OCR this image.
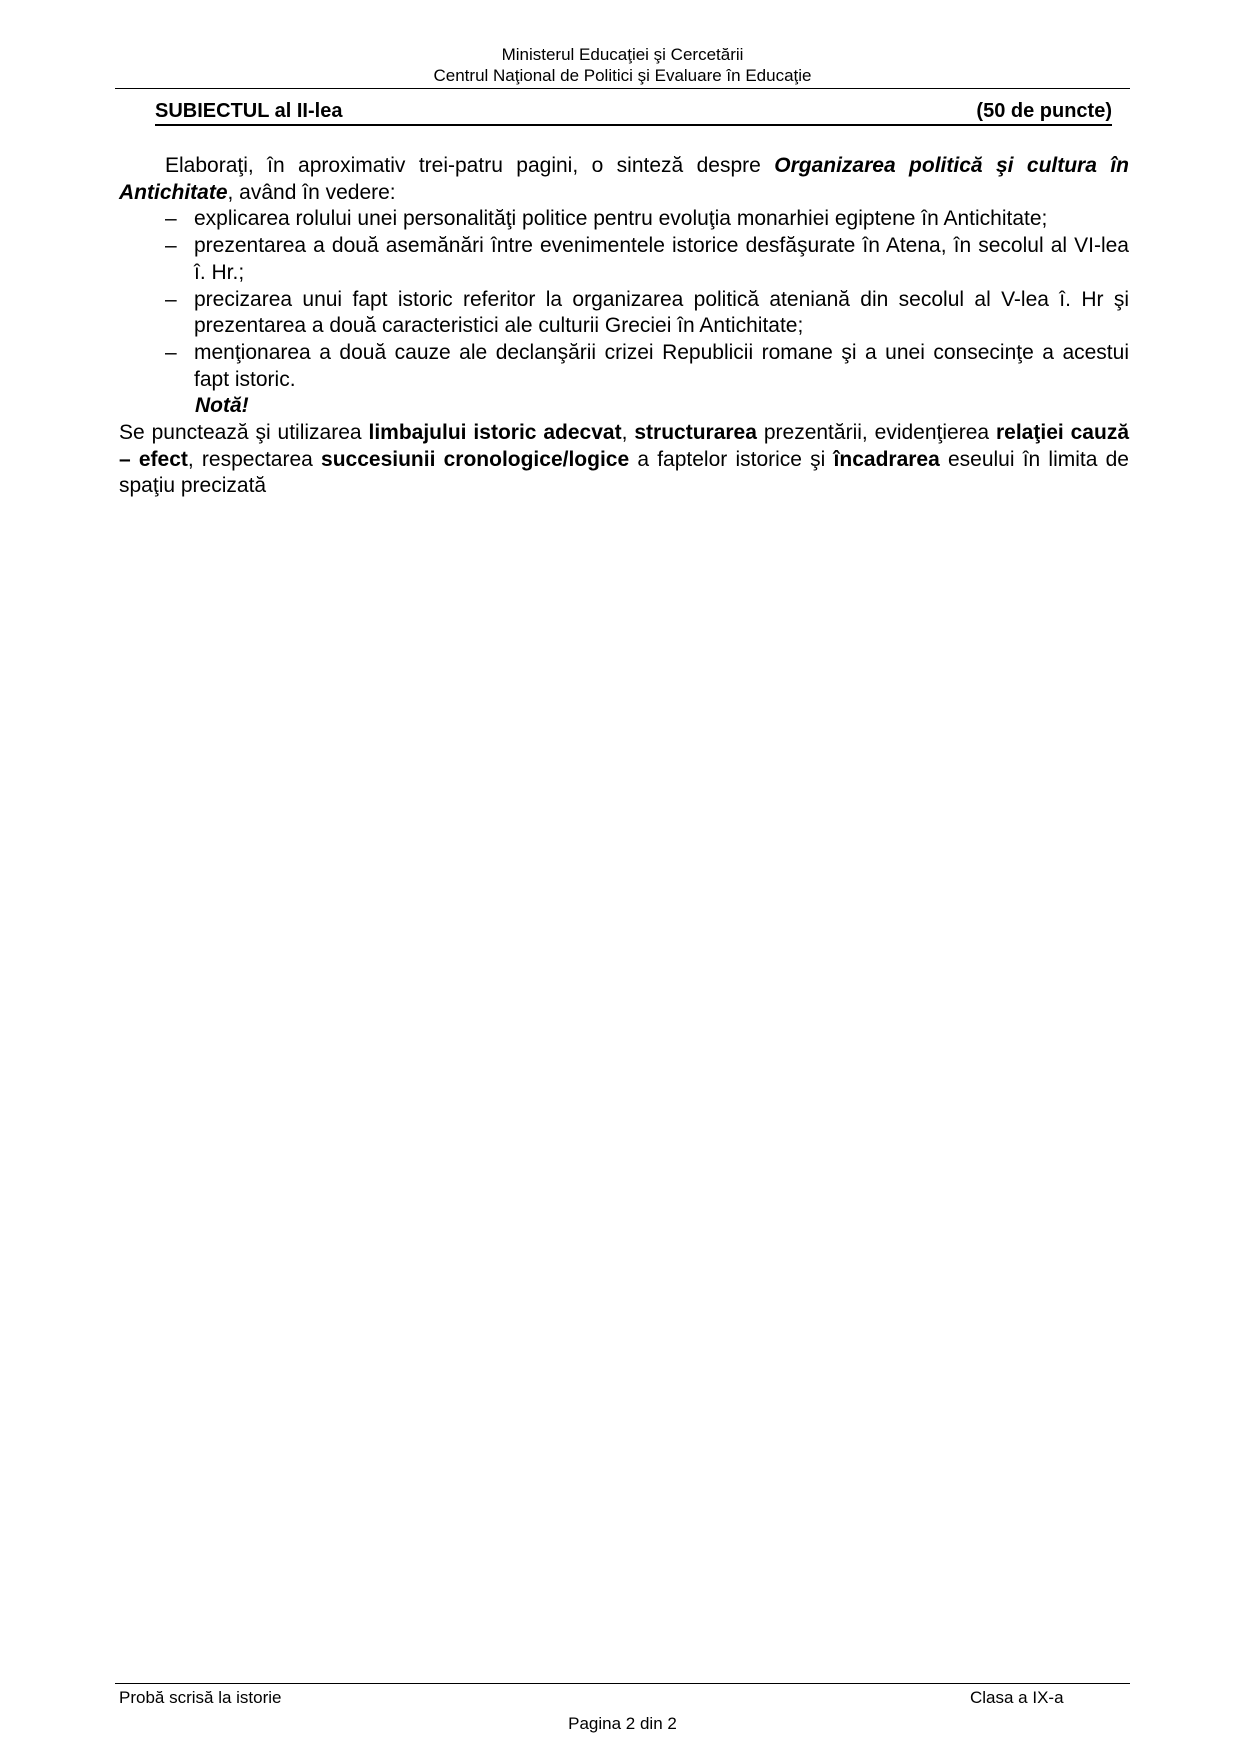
Ministerul Educaţiei şi Cercetării
Centrul Naţional de Politici şi Evaluare în Educaţie
SUBIECTUL al II-lea	(50 de puncte)

Elaboraţi, în aproximativ trei-patru pagini, o sinteză despre Organizarea politică şi cultura în Antichitate, având în vedere:

– explicarea rolului unei personalităţi politice pentru evoluţia monarhiei egiptene în Antichitate;
– prezentarea a două asemănări între evenimentele istorice desfăşurate în Atena, în secolul al VI-lea î. Hr.;
– precizarea unui fapt istoric referitor la organizarea politică ateniană din secolul al V-lea î. Hr şi prezentarea a două caracteristici ale culturii Greciei în Antichitate;
– menţionarea a două cauze ale declanşării crizei Republicii romane şi a unei consecinţe a acestui fapt istoric.

Notă!

Se punctează şi utilizarea limbajului istoric adecvat, structurarea prezentării, evidenţierea relaţiei cauză – efect, respectarea succesiunii cronologice/logice a faptelor istorice şi încadrarea eseului în limita de spaţiu precizată

Probă scrisă la istorie	Clasa a IX-a
Pagina 2 din 2
